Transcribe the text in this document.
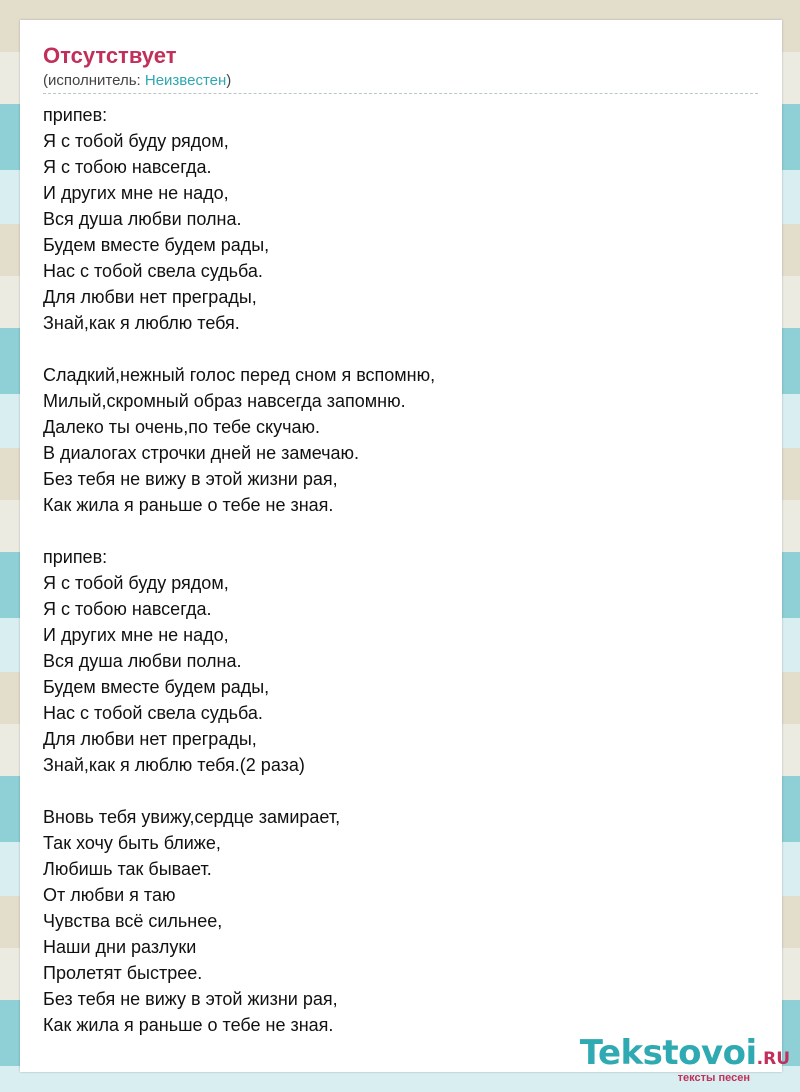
Отсутствует
(исполнитель: Неизвестен)
припев:
Я с тобой буду рядом,
Я с тобою навсегда.
И других мне не надо,
Вся душа любви полна.
Будем вместе будем рады,
Нас с тобой свела судьба.
Для любви нет преграды,
Знай,как я люблю тебя.
Сладкий,нежный голос перед сном я вспомню,
Милый,скромный образ навсегда запомню.
Далеко ты очень,по тебе скучаю.
В диалогах строчки дней не замечаю.
Без тебя не вижу в этой жизни рая,
Как жила я раньше о тебе не зная.
припев:
Я с тобой буду рядом,
Я с тобою навсегда.
И других мне не надо,
Вся душа любви полна.
Будем вместе будем рады,
Нас с тобой свела судьба.
Для любви нет преграды,
Знай,как я люблю тебя.(2 раза)
Вновь тебя увижу,сердце замирает,
Так хочу быть ближе,
Любишь так бывает.
От любви я таю
Чувства всё сильнее,
Наши дни разлуки
Пролетят быстрее.
Без тебя не вижу в этой жизни рая,
Как жила я раньше о тебе не зная.
Tekstovoi.RU
тексты песен
